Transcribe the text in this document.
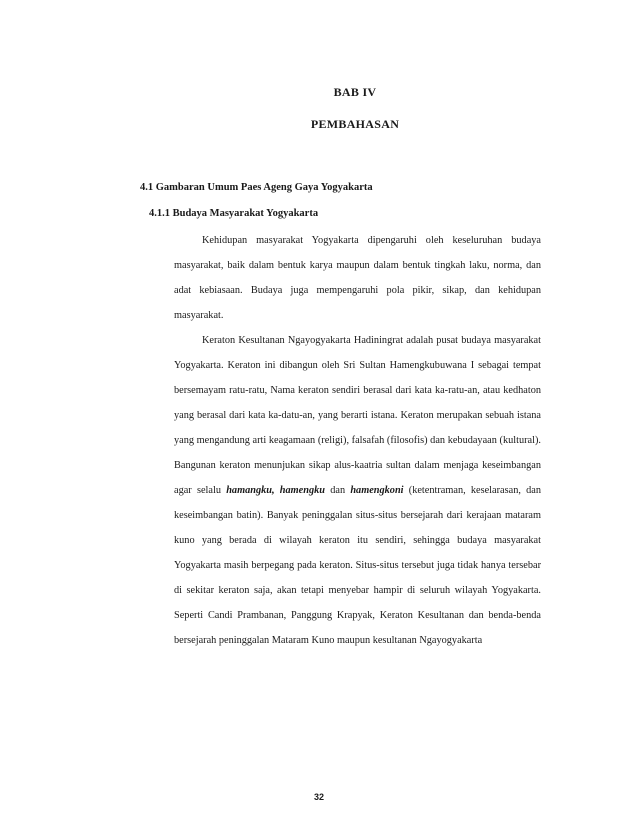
BAB IV
PEMBAHASAN
4.1 Gambaran Umum Paes Ageng Gaya Yogyakarta
4.1.1 Budaya Masyarakat Yogyakarta

Kehidupan masyarakat Yogyakarta dipengaruhi oleh keseluruhan budaya masyarakat, baik dalam bentuk karya maupun dalam bentuk tingkah laku, norma, dan adat kebiasaan. Budaya juga mempengaruhi pola pikir, sikap, dan kehidupan masyarakat.

Keraton Kesultanan Ngayogyakarta Hadiningrat adalah pusat budaya masyarakat Yogyakarta. Keraton ini dibangun oleh Sri Sultan Hamengkubuwana I sebagai tempat bersemayam ratu-ratu, Nama keraton sendiri berasal dari kata ka-ratu-an, atau kedhaton yang berasal dari kata ka-datu-an, yang berarti istana. Keraton merupakan sebuah istana yang mengandung arti keagamaan (religi), falsafah (filosofis) dan kebudayaan (kultural). Bangunan keraton menunjukan sikap alus-kaatria sultan dalam menjaga keseimbangan agar selalu hamangku, hamengku dan hamengkoni (ketentraman, keselarasan, dan keseimbangan batin). Banyak peninggalan situs-situs bersejarah dari kerajaan mataram kuno yang berada di wilayah keraton itu sendiri, sehingga budaya masyarakat Yogyakarta masih berpegang pada keraton. Situs-situs tersebut juga tidak hanya tersebar di sekitar keraton saja, akan tetapi menyebar hampir di seluruh wilayah Yogyakarta. Seperti Candi Prambanan, Panggung Krapyak, Keraton Kesultanan dan benda-benda bersejarah peninggalan Mataram Kuno maupun kesultanan Ngayogyakarta

32
